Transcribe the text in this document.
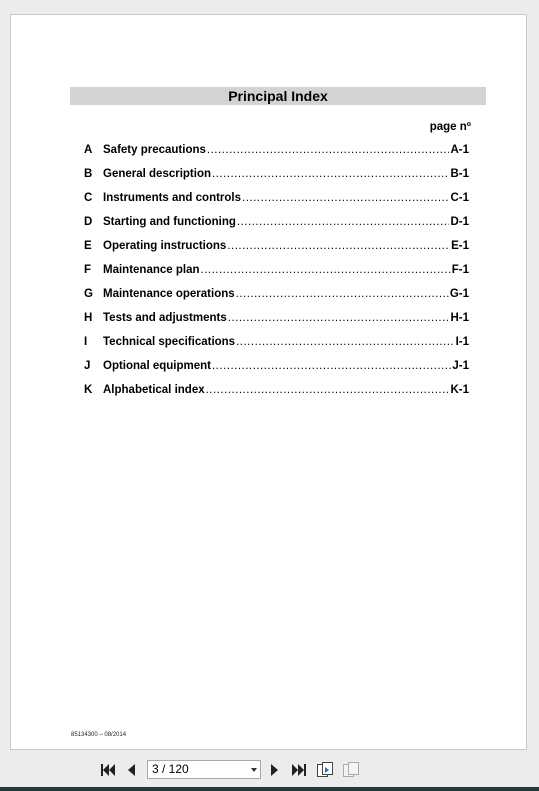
Principal Index
page nº
A Safety precautions .....	A-1
B General description .....	B-1
C Instruments and controls .....	C-1
D Starting and functioning .....	D-1
E Operating instructions .....	E-1
F	Maintenance plan .....	F-1
G Maintenance operations .....	G-1
H Tests and adjustments .....	H-1
I	Technical specifications .....	I-1
J	Optional equipment .....	J-1
K Alphabetical index .....	K-1
85134300 – 08/2014
3 / 120
